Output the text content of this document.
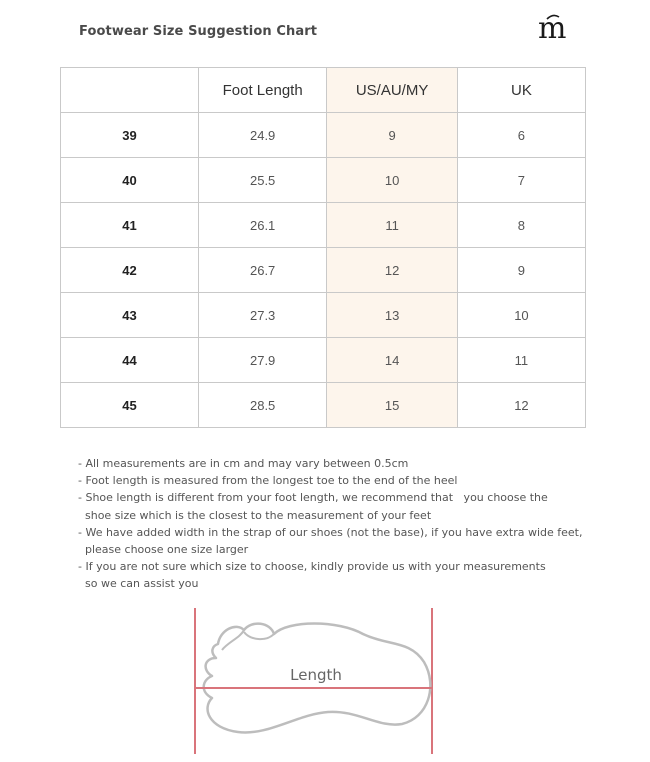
Footwear Size Suggestion Chart	m
	Foot Length	US/AU/MY	UK
39	24.9	9	6
40	25.5	10	7
41	26.1	11	8
42	26.7	12	9
43	27.3	13	10
44	27.9	14	11
45	28.5	15	12
- All measurements are in cm and may vary between 0.5cm
- Foot length is measured from the longest toe to the end of the heel
- Shoe length is different from your foot length, we recommend that   you choose the
shoe size which is the closest to the measurement of your feet
- We have added width in the strap of our shoes (not the base), if you have extra wide feet,
please choose one size larger
- If you are not sure which size to choose, kindly provide us with your measurements
so we can assist you
Length
